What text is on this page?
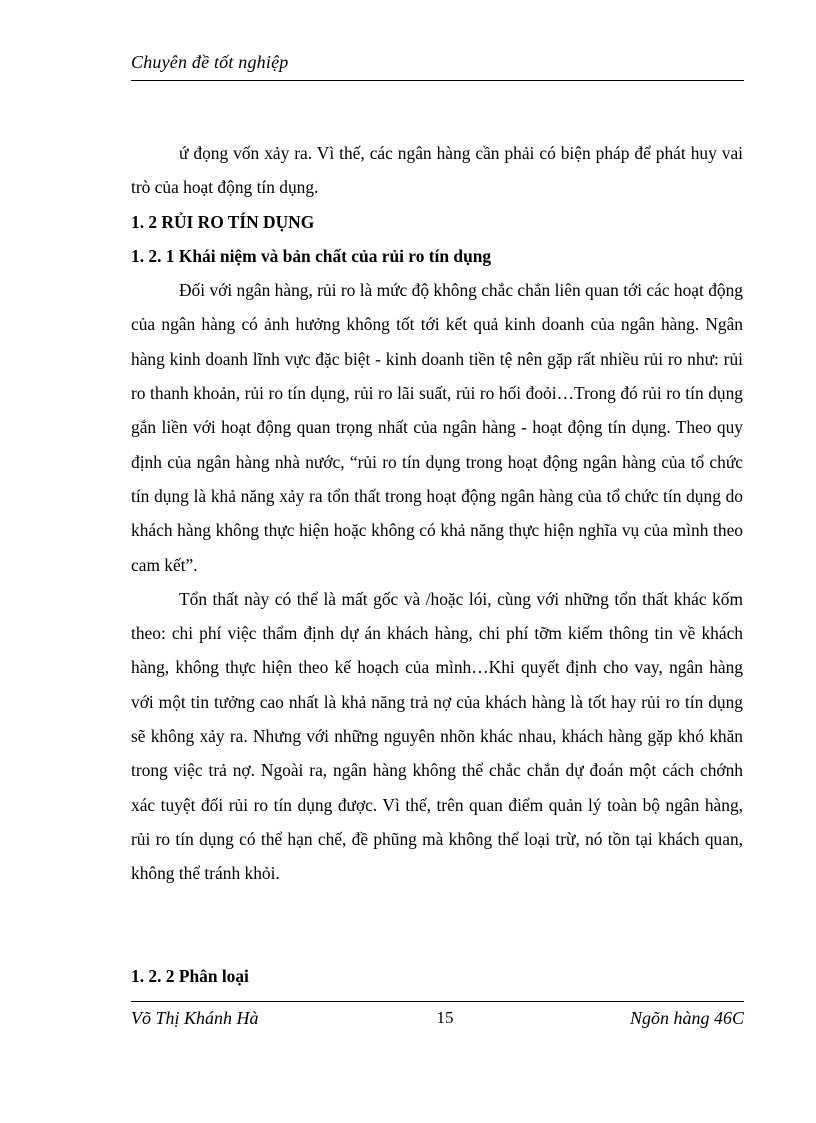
Chuyên đề tốt nghiệp

ứ đọng vốn xảy ra. Vì thế, các ngân hàng cần phải có biện pháp để phát huy vai trò của hoạt động tín dụng.

1. 2 RỦI RO TÍN DỤNG

1. 2. 1 Khái niệm và bản chất của rủi ro tín dụng

Đối với ngân hàng, rủi ro là mức độ không chắc chắn liên quan tới các hoạt động của ngân hàng có ảnh hưởng không tốt tới kết quả kinh doanh của ngân hàng. Ngân hàng kinh doanh lĩnh vực đặc biệt - kinh doanh tiền tệ nên gặp rất nhiều rủi ro như: rủi ro thanh khoản, rủi ro tín dụng, rủi ro lãi suất, rủi ro hối đoỏi…Trong đó rủi ro tín dụng gắn liền với hoạt động quan trọng nhất của ngân hàng - hoạt động tín dụng. Theo quy định của ngân hàng nhà nước, “rủi ro tín dụng trong hoạt động ngân hàng của tổ chức tín dụng là khả năng xảy ra tổn thất trong hoạt động ngân hàng của tổ chức tín dụng do khách hàng không thực hiện hoặc không có khả năng thực hiện nghĩa vụ của mình theo cam kết”.

Tổn thất này có thể là mất gốc và /hoặc lói, cùng với những tổn thất khác kốm theo: chi phí việc thẩm định dự án khách hàng, chi phí tỡm kiếm thông tin về khách hàng, không thực hiện theo kế hoạch của mình…Khi quyết định cho vay, ngân hàng với một tin tưởng cao nhất là khả năng trả nợ của khách hàng là tốt hay rủi ro tín dụng sẽ không xảy ra. Nhưng với những nguyên nhõn khác nhau, khách hàng gặp khó khăn trong việc trả nợ. Ngoài ra, ngân hàng không thể chắc chắn dự đoán một cách chớnh xác tuyệt đối rủi ro tín dụng được. Vì thế, trên quan điểm quản lý toàn bộ ngân hàng, rủi ro tín dụng có thể hạn chế, đề phũng mà không thể loại trừ, nó tồn tại khách quan, không thể tránh khỏi.

1. 2. 2 Phân loại
Võ Thị Khánh Hà	15	Ngõn hàng 46C
